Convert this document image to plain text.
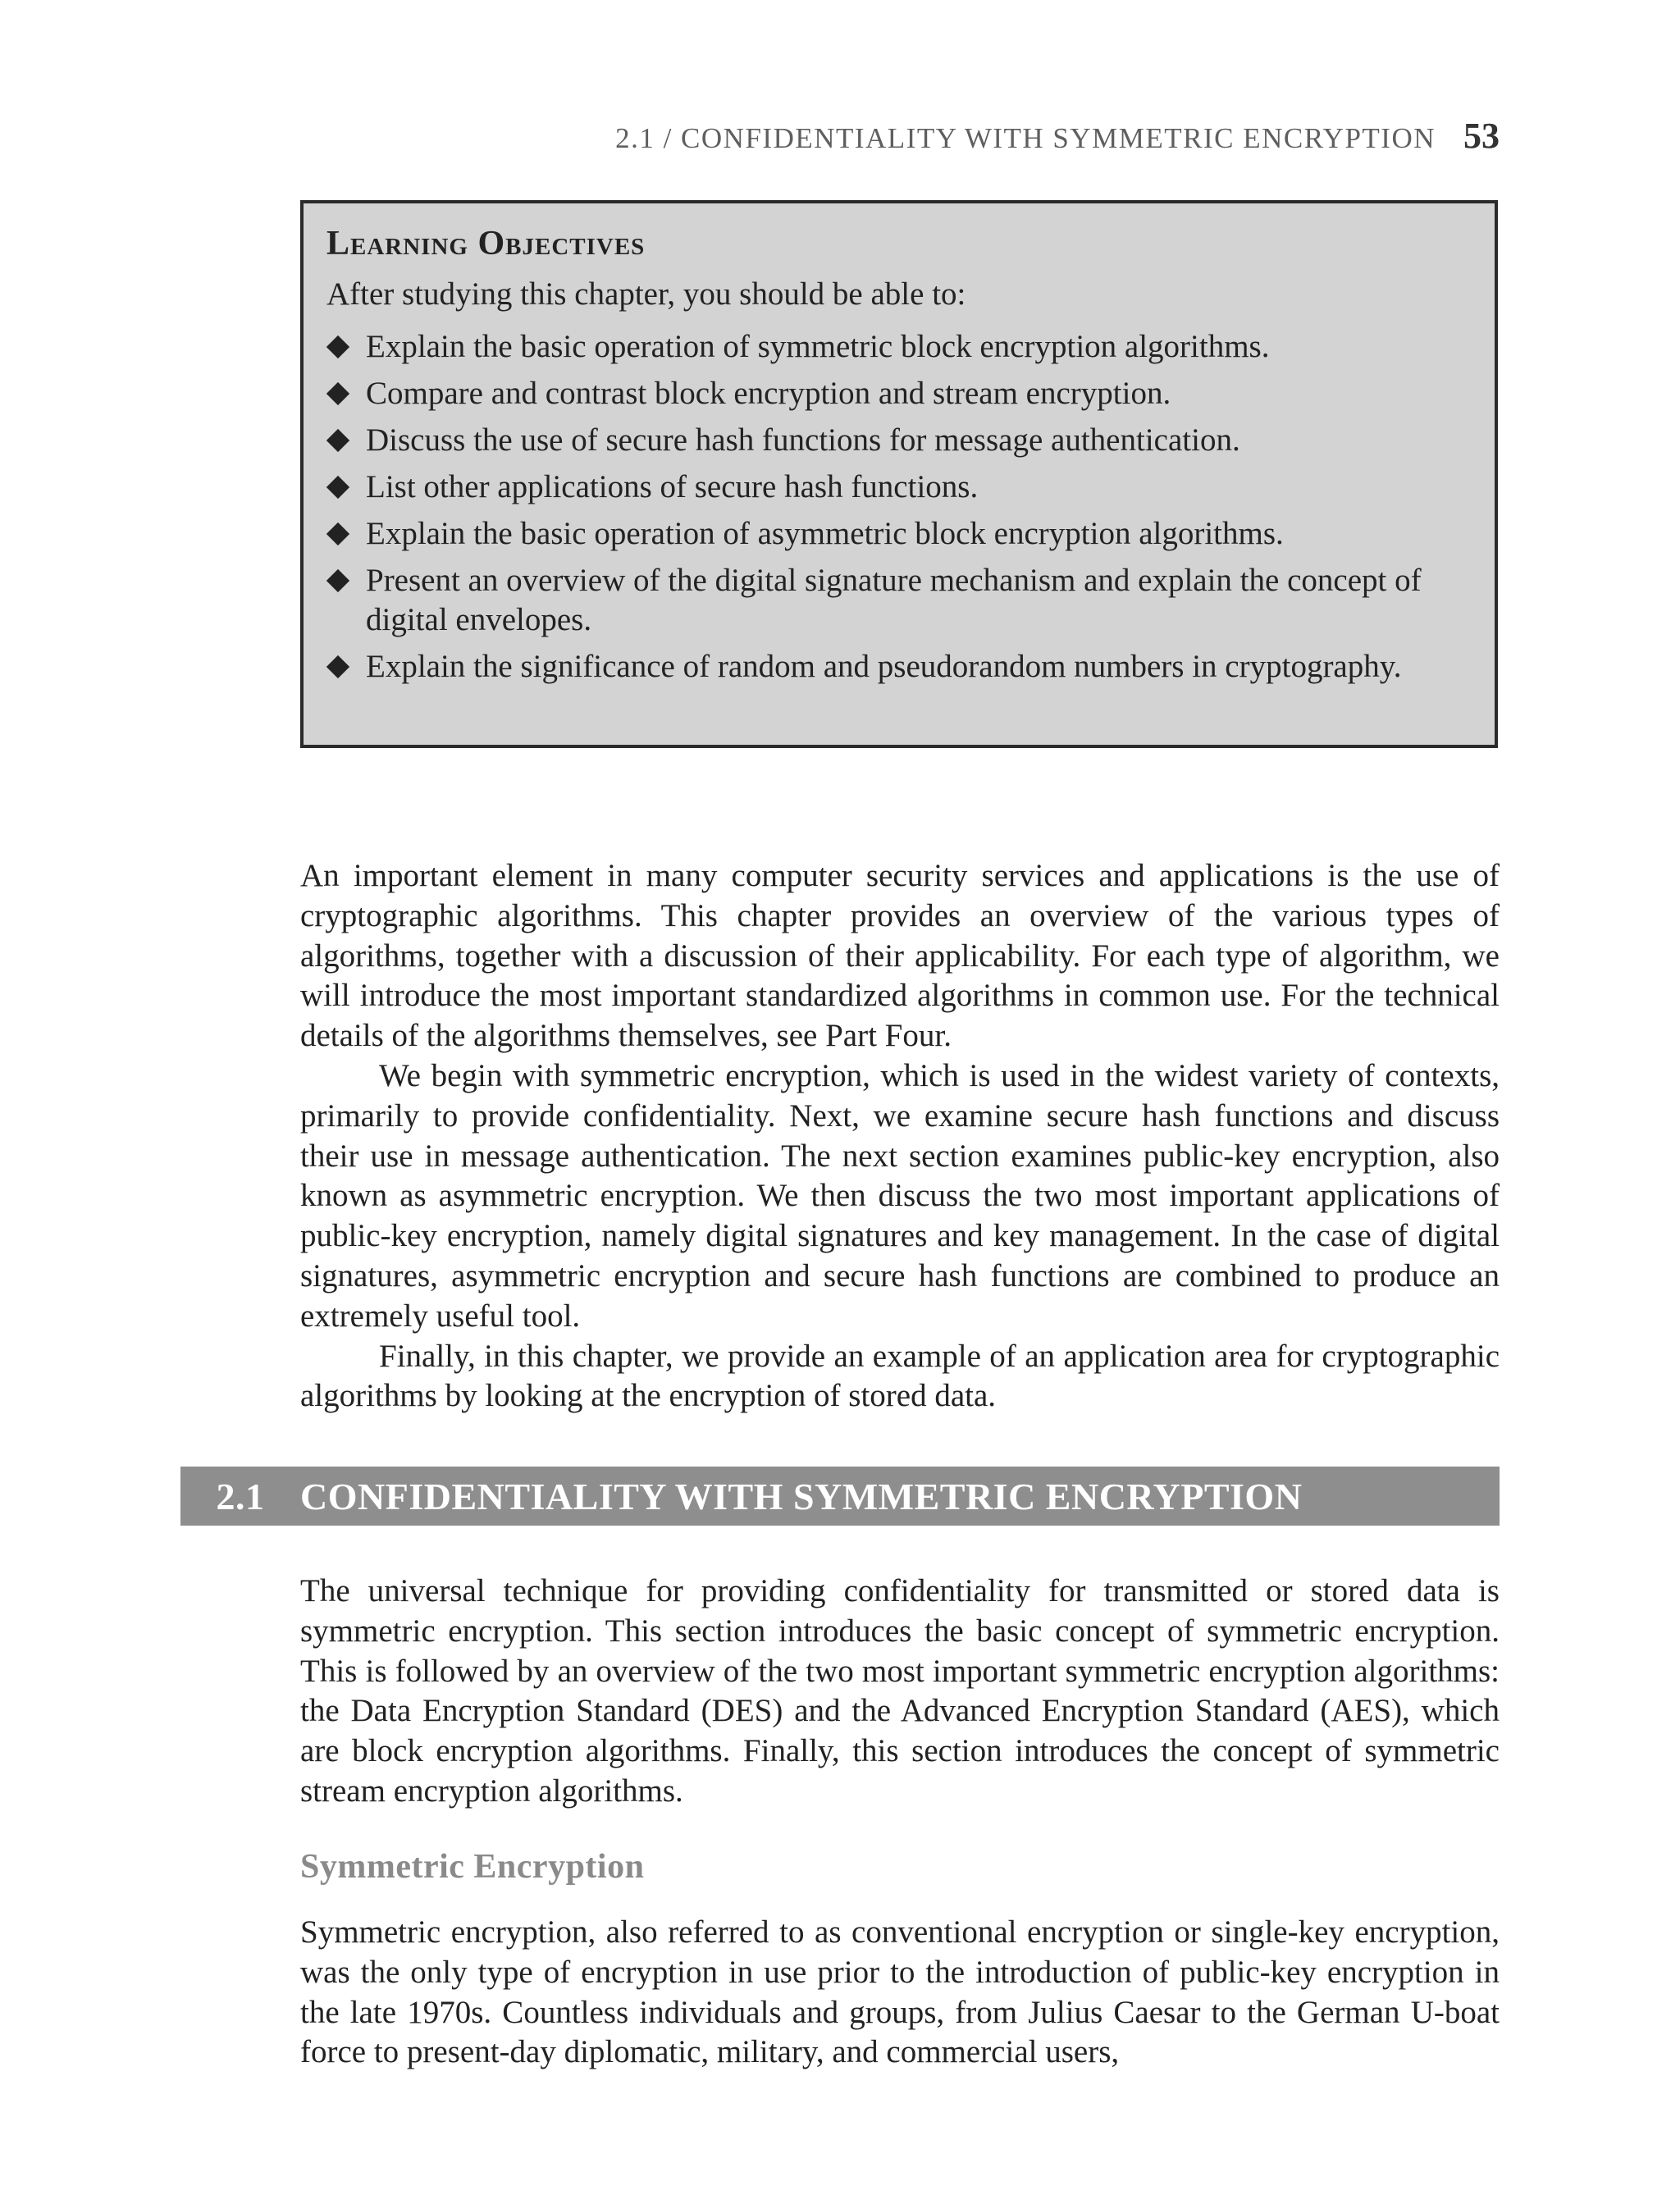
2.1 / CONFIDENTIALITY WITH SYMMETRIC ENCRYPTION 53
Learning Objectives
After studying this chapter, you should be able to:
Explain the basic operation of symmetric block encryption algorithms.
Compare and contrast block encryption and stream encryption.
Discuss the use of secure hash functions for message authentication.
List other applications of secure hash functions.
Explain the basic operation of asymmetric block encryption algorithms.
Present an overview of the digital signature mechanism and explain the concept of digital envelopes.
Explain the significance of random and pseudorandom numbers in cryptography.

An important element in many computer security services and applications is the use of cryptographic algorithms. This chapter provides an overview of the various types of algorithms, together with a discussion of their applicability. For each type of algorithm, we will introduce the most important standardized algorithms in common use. For the technical details of the algorithms themselves, see Part Four.

We begin with symmetric encryption, which is used in the widest variety of contexts, primarily to provide confidentiality. Next, we examine secure hash functions and discuss their use in message authentication. The next section examines public-key encryption, also known as asymmetric encryption. We then discuss the two most important applications of public-key encryption, namely digital signatures and key management. In the case of digital signatures, asymmetric encryption and secure hash functions are combined to produce an extremely useful tool.

Finally, in this chapter, we provide an example of an application area for cryptographic algorithms by looking at the encryption of stored data.

2.1 CONFIDENTIALITY WITH SYMMETRIC ENCRYPTION

The universal technique for providing confidentiality for transmitted or stored data is symmetric encryption. This section introduces the basic concept of symmetric encryption. This is followed by an overview of the two most important symmetric encryption algorithms: the Data Encryption Standard (DES) and the Advanced Encryption Standard (AES), which are block encryption algorithms. Finally, this section introduces the concept of symmetric stream encryption algorithms.

Symmetric Encryption

Symmetric encryption, also referred to as conventional encryption or single-key encryption, was the only type of encryption in use prior to the introduction of public-key encryption in the late 1970s. Countless individuals and groups, from Julius Caesar to the German U-boat force to present-day diplomatic, military, and commercial users,
